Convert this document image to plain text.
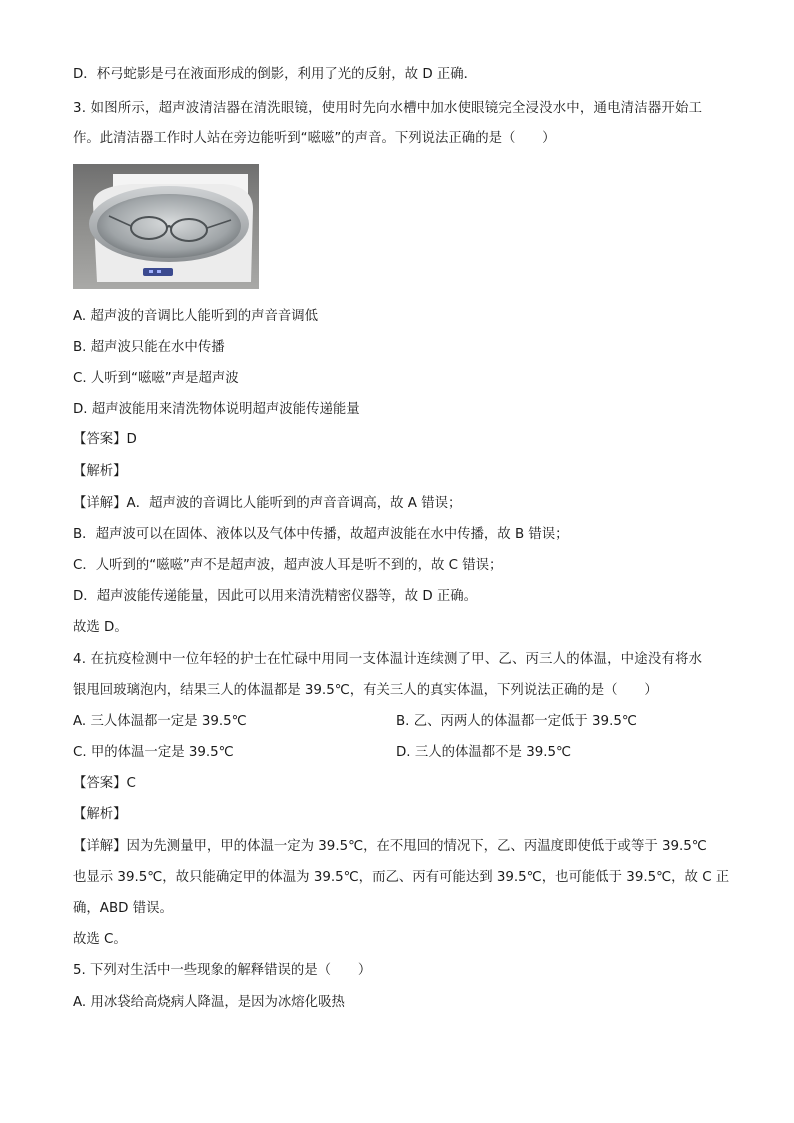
D．杯弓蛇影是弓在液面形成的倒影，利用了光的反射，故 D 正确．
3. 如图所示，超声波清洁器在清洗眼镜，使用时先向水槽中加水使眼镜完全浸没水中，通电清洁器开始工
作。此清洁器工作时人站在旁边能听到“嗞嗞”的声音。下列说法正确的是（　　）
A. 超声波的音调比人能听到的声音音调低
B. 超声波只能在水中传播
C. 人听到“嗞嗞”声是超声波
D. 超声波能用来清洗物体说明超声波能传递能量
【答案】D
【解析】
【详解】A．超声波的音调比人能听到的声音音调高，故 A 错误；
B．超声波可以在固体、液体以及气体中传播，故超声波能在水中传播，故 B 错误；
C．人听到的“嗞嗞”声不是超声波，超声波人耳是听不到的，故 C 错误；
D．超声波能传递能量，因此可以用来清洗精密仪器等，故 D 正确。
故选 D。
4. 在抗疫检测中一位年轻的护士在忙碌中用同一支体温计连续测了甲、乙、丙三人的体温，中途没有将水
银甩回玻璃泡内，结果三人的体温都是 39.5℃，有关三人的真实体温，下列说法正确的是（　　）
A. 三人体温都一定是 39.5℃	B. 乙、丙两人的体温都一定低于 39.5℃
C. 甲的体温一定是 39.5℃	D. 三人的体温都不是 39.5℃
【答案】C
【解析】
【详解】因为先测量甲，甲的体温一定为 39.5℃，在不甩回的情况下，乙、丙温度即使低于或等于 39.5℃
也显示 39.5℃，故只能确定甲的体温为 39.5℃，而乙、丙有可能达到 39.5℃，也可能低于 39.5℃，故 C 正
确，ABD 错误。
故选 C。
5. 下列对生活中一些现象的解释错误的是（　　）
A. 用冰袋给高烧病人降温，是因为冰熔化吸热
